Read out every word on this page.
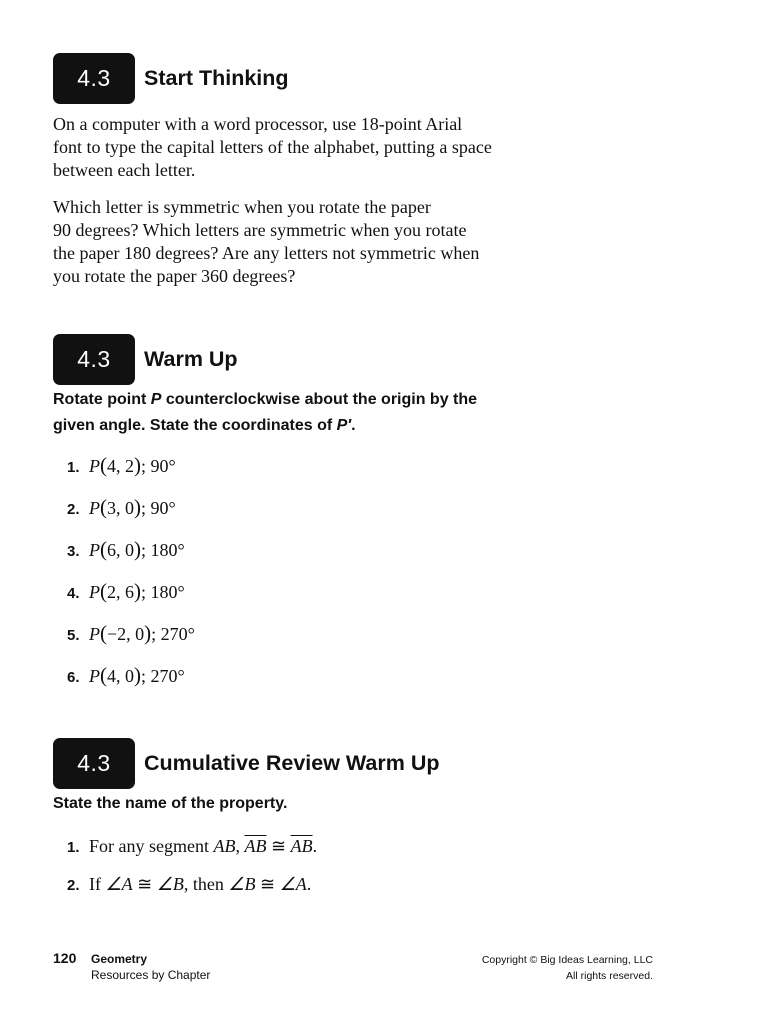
4.3	Start Thinking

On a computer with a word processor, use 18-point Arial
font to type the capital letters of the alphabet, putting a space
between each letter.

Which letter is symmetric when you rotate the paper
90 degrees? Which letters are symmetric when you rotate
the paper 180 degrees? Are any letters not symmetric when
you rotate the paper 360 degrees?

4.3	Warm Up

Rotate point P counterclockwise about the origin by the
given angle. State the coordinates of P′.

1. P(4, 2); 90°
2. P(3, 0); 90°
3. P(6, 0); 180°
4. P(2, 6); 180°
5. P(−2, 0); 270°
6. P(4, 0); 270°
4.3	Cumulative Review Warm Up

State the name of the property.

1. For any segment AB, $\overline{AB}$ ≅ $\overline{AB}$.
2. If ∠A ≅ ∠B, then ∠B ≅ ∠A.
120 Geometry
Resources by Chapter
Copyright © Big Ideas Learning, LLC
All rights reserved.
